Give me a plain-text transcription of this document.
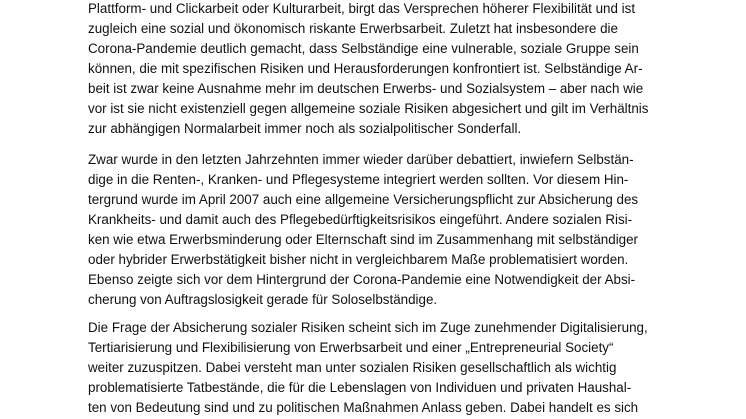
Plattform- und Clickarbeit oder Kulturarbeit, birgt das Versprechen höherer Flexibilität und ist
zugleich eine sozial und ökonomisch riskante Erwerbsarbeit. Zuletzt hat insbesondere die
Corona-Pandemie deutlich gemacht, dass Selbständige eine vulnerable, soziale Gruppe sein
können, die mit spezifischen Risiken und Herausforderungen konfrontiert ist. Selbständige Ar-
beit ist zwar keine Ausnahme mehr im deutschen Erwerbs- und Sozialsystem – aber nach wie
vor ist sie nicht existenziell gegen allgemeine soziale Risiken abgesichert und gilt im Verhältnis
zur abhängigen Normalarbeit immer noch als sozialpolitischer Sonderfall.
Zwar wurde in den letzten Jahrzehnten immer wieder darüber debattiert, inwiefern Selbstän-
dige in die Renten-, Kranken- und Pflegesysteme integriert werden sollten. Vor diesem Hin-
tergrund wurde im April 2007 auch eine allgemeine Versicherungspflicht zur Absicherung des
Krankheits- und damit auch des Pflegebedürftigkeitsrisikos eingeführt. Andere sozialen Risi-
ken wie etwa Erwerbsminderung oder Elternschaft sind im Zusammenhang mit selbständiger
oder hybrider Erwerbstätigkeit bisher nicht in vergleichbarem Maße problematisiert worden.
Ebenso zeigte sich vor dem Hintergrund der Corona-Pandemie eine Notwendigkeit der Absi-
cherung von Auftragslosigkeit gerade für Soloselbständige.
Die Frage der Absicherung sozialer Risiken scheint sich im Zuge zunehmender Digitalisierung,
Tertiarisierung und Flexibilisierung von Erwerbsarbeit und einer „Entrepreneurial Society“
weiter zuzuspitzen. Dabei versteht man unter sozialen Risiken gesellschaftlich als wichtig
problematisierte Tatbestände, die für die Lebenslagen von Individuen und privaten Haushal-
ten von Bedeutung sind und zu politischen Maßnahmen Anlass geben. Dabei handelt es sich
